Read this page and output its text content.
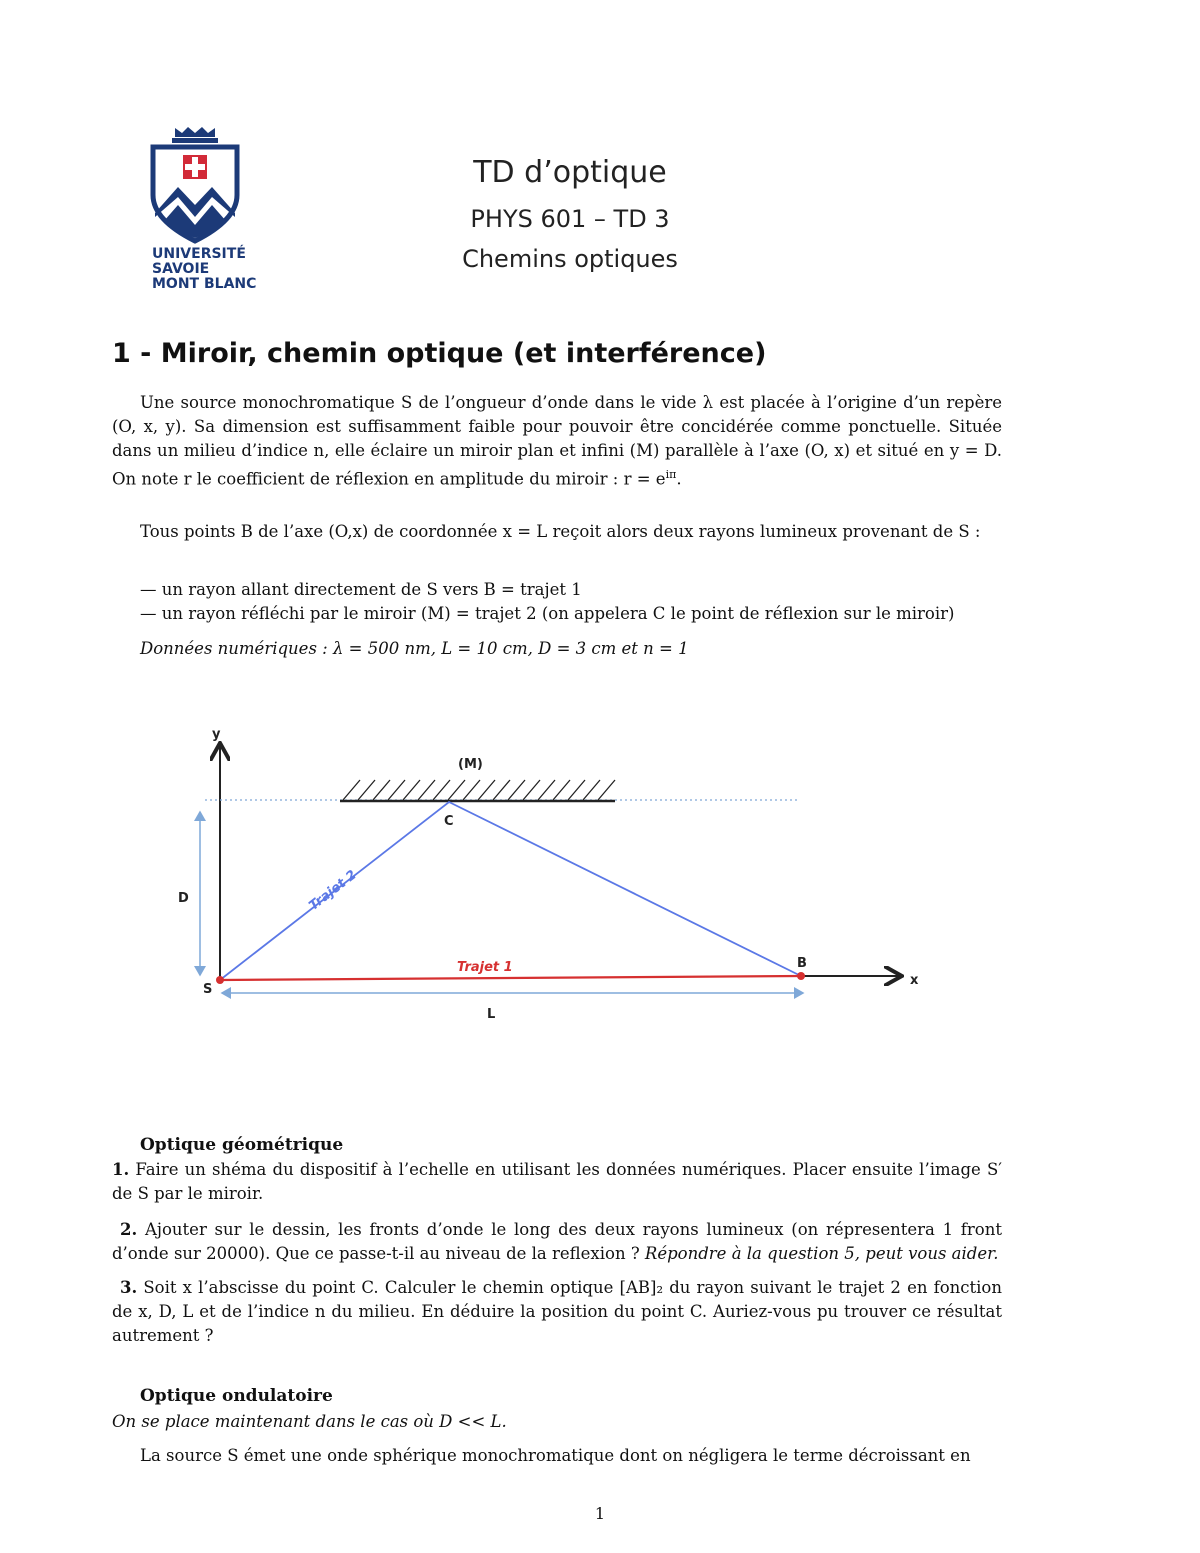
UNIVERSITÉ
SAVOIE
MONT BLANC
TD d’optique
PHYS 601 – TD 3
Chemins optiques
1 - Miroir, chemin optique (et interférence)
Une source monochromatique S de l’ongueur d’onde dans le vide λ est placée à l’origine d’un repère (O, x, y). Sa dimension est suffisamment faible pour pouvoir être concidérée comme ponctuelle. Située dans un milieu d’indice n, elle éclaire un miroir plan et infini (M) parallèle à l’axe (O, x) et situé en y = D. On note r le coefficient de réflexion en amplitude du miroir : $r = e^{i\pi}$.
Tous points B de l’axe (O,x) de coordonnée x = L reçoit alors deux rayons lumineux provenant de S :
— un rayon allant directement de S vers B = trajet 1
— un rayon réfléchi par le miroir (M) = trajet 2 (on appelera C le point de réflexion sur le miroir)
Données numériques : λ = 500 nm, L = 10 cm, D = 3 cm et n = 1
y
x
(M)
D
L
Trajet 2
Trajet 1
S
B
C
Optique géométrique
1. Faire un shéma du dispositif à l’echelle en utilisant les données numériques. Placer ensuite l’image S′ de S par le miroir.
2. Ajouter sur le dessin, les fronts d’onde le long des deux rayons lumineux (on répresentera 1 front d’onde sur 20000). Que ce passe-t-il au niveau de la reflexion ? Répondre à la question 5, peut vous aider.
3. Soit x l’abscisse du point C. Calculer le chemin optique [AB]₂ du rayon suivant le trajet 2 en fonction de x, D, L et de l’indice n du milieu. En déduire la position du point C. Auriez-vous pu trouver ce résultat autrement ?
Optique ondulatoire
On se place maintenant dans le cas où D << L.
La source S émet une onde sphérique monochromatique dont on négligera le terme décroissant en
1
